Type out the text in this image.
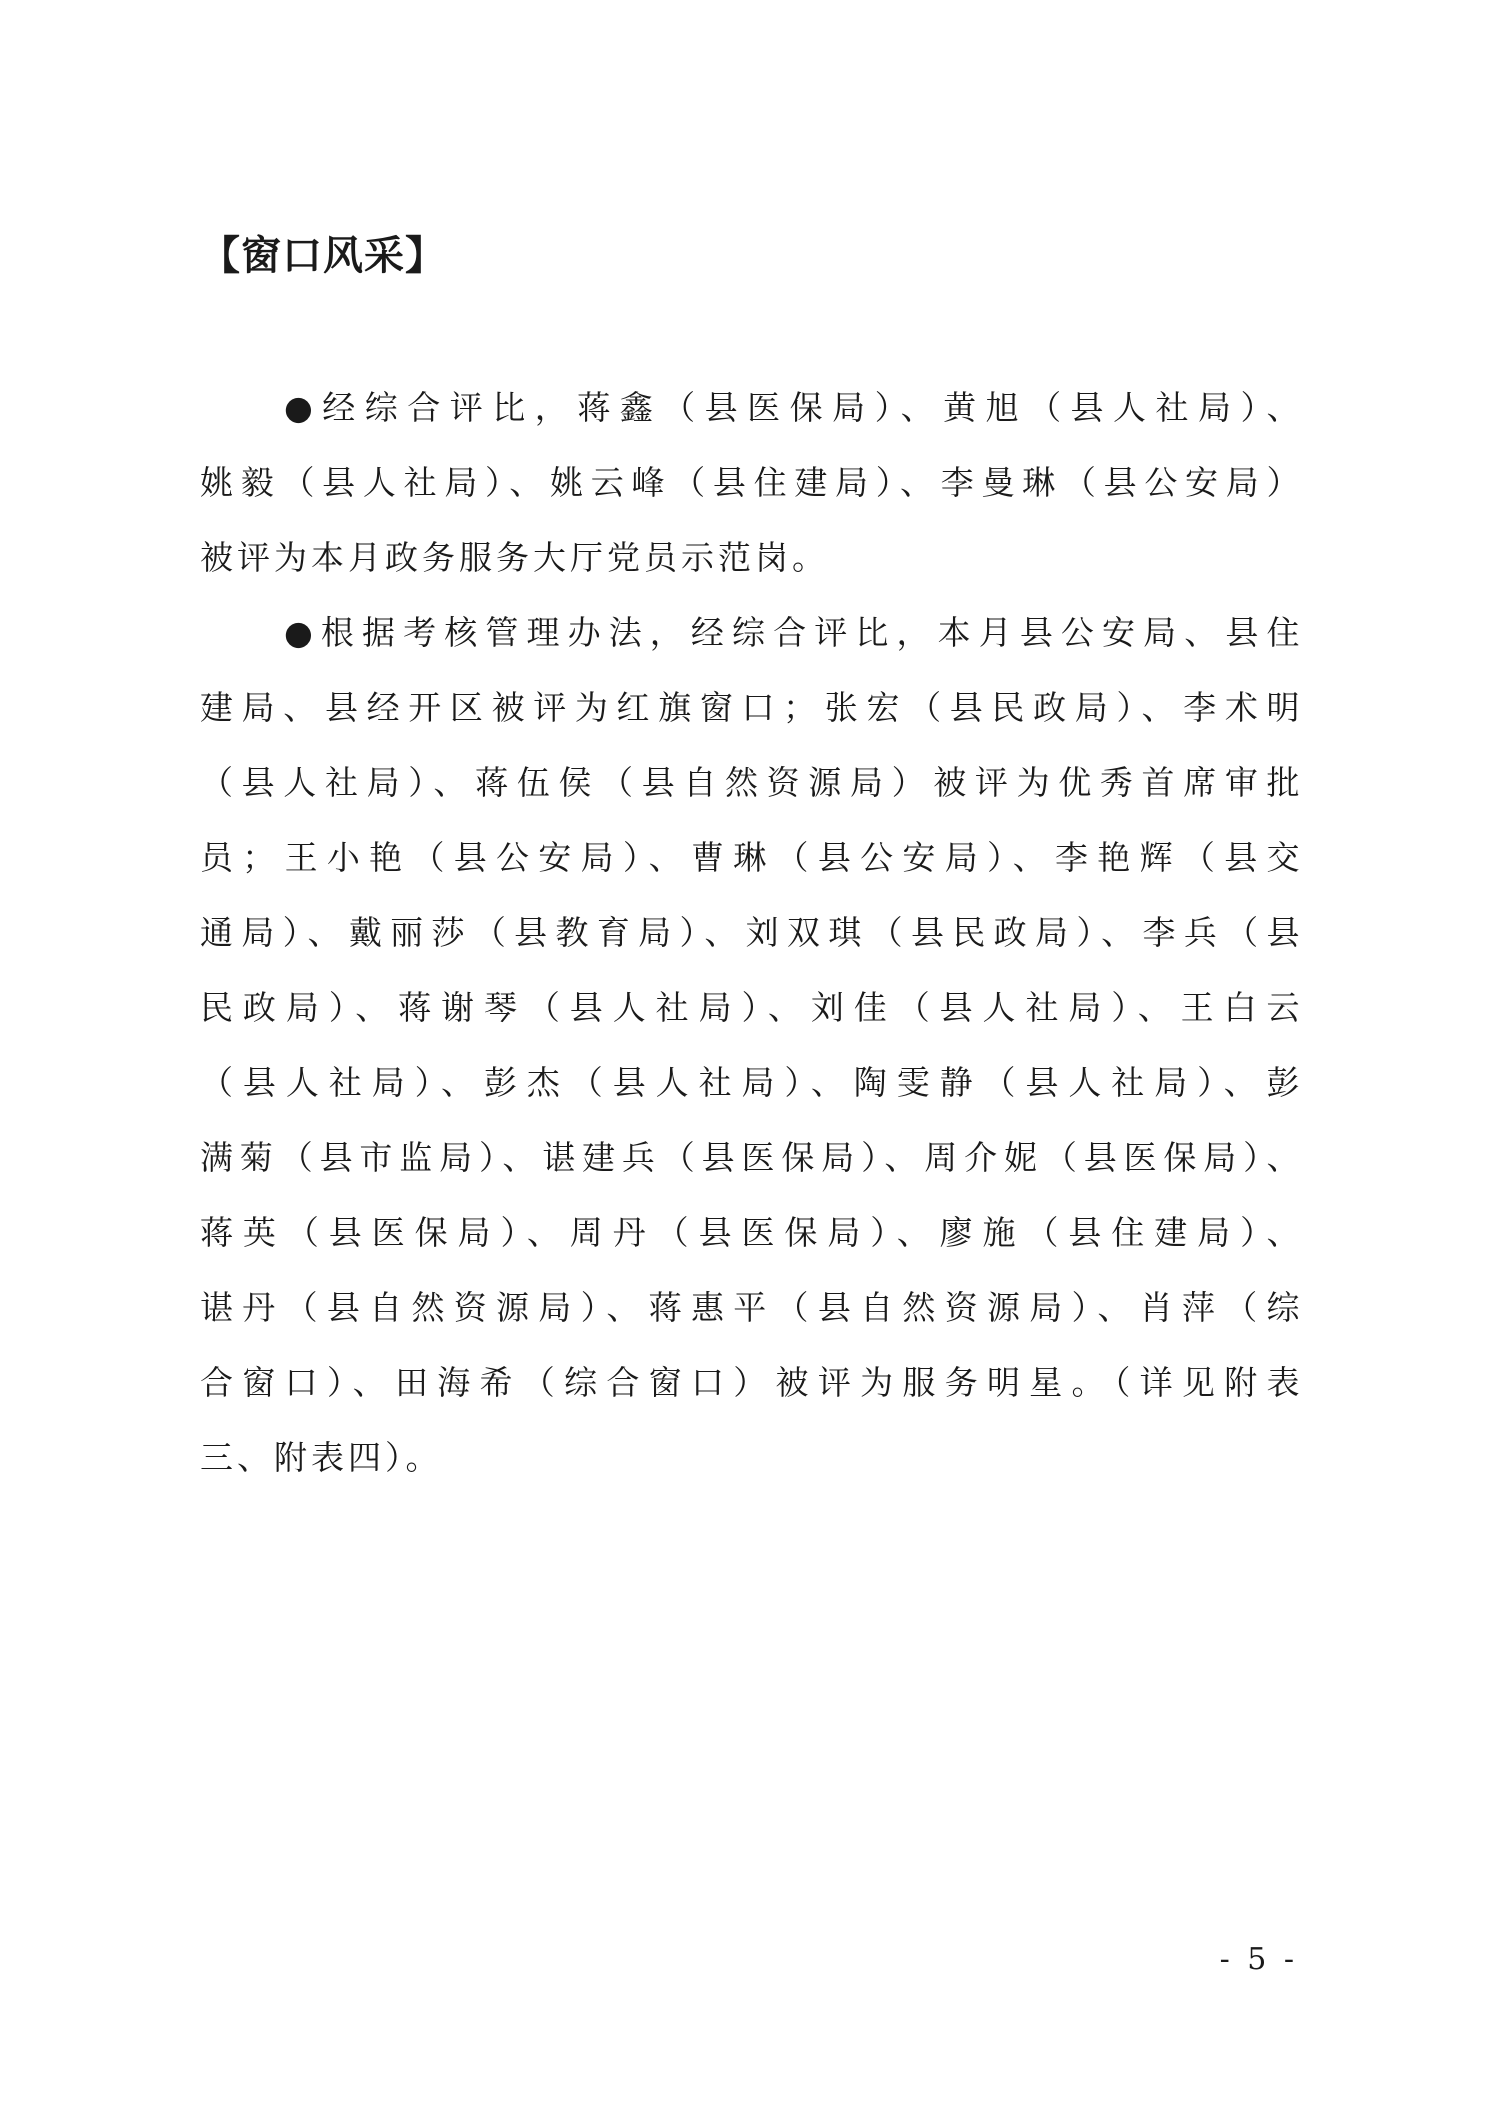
【窗口风采】

●经综合评比，蒋鑫（县医保局）、黄旭（县人社局）、
姚毅（县人社局）、姚云峰（县住建局）、李曼琳（县公安局）
被评为本月政务服务大厅党员示范岗。

●根据考核管理办法，经综合评比，本月县公安局、县住
建局、县经开区被评为红旗窗口；张宏（县民政局）、李术明
（县人社局）、蒋伍侯（县自然资源局）被评为优秀首席审批
员；王小艳（县公安局）、曹琳（县公安局）、李艳辉（县交
通局）、戴丽莎（县教育局）、刘双琪（县民政局）、李兵（县
民政局）、蒋谢琴（县人社局）、刘佳（县人社局）、王白云
（县人社局）、彭杰（县人社局）、陶雯静（县人社局）、彭
满菊（县市监局）、谌建兵（县医保局）、周介妮（县医保局）、
蒋英（县医保局）、周丹（县医保局）、廖施（县住建局）、
谌丹（县自然资源局）、蒋惠平（县自然资源局）、肖萍（综
合窗口）、田海希（综合窗口）被评为服务明星。（详见附表
三、附表四）。

- 5 -
